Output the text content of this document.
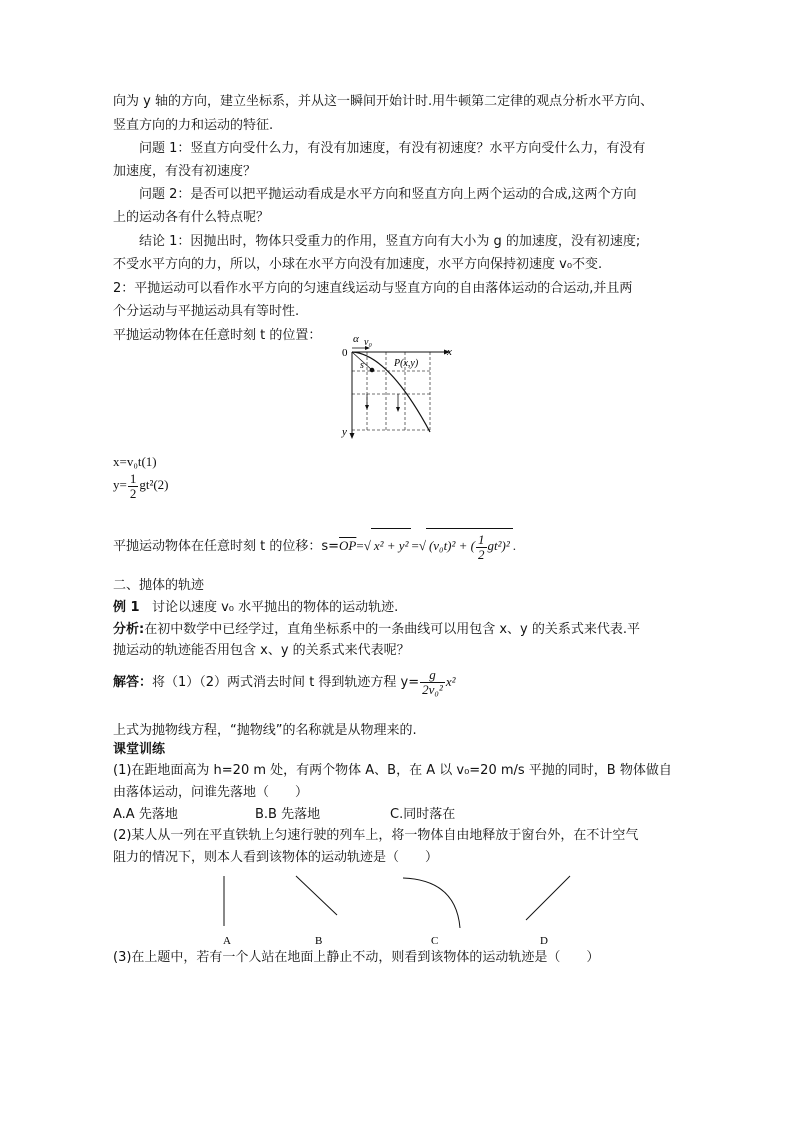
向为 y 轴的方向，建立坐标系，并从这一瞬间开始计时.用牛顿第二定律的观点分析水平方向、
竖直方向的力和运动的特征.
问题 1：竖直方向受什么力，有没有加速度，有没有初速度？水平方向受什么力，有没有
加速度，有没有初速度？
问题 2：是否可以把平抛运动看成是水平方向和竖直方向上两个运动的合成,这两个方向
上的运动各有什么特点呢？
结论 1：因抛出时，物体只受重力的作用，竖直方向有大小为 g 的加速度，没有初速度;
不受水平方向的力，所以，小球在水平方向没有加速度，水平方向保持初速度 v₀不变.
2：平抛运动可以看作水平方向的匀速直线运动与竖直方向的自由落体运动的合运动,并且两
个分运动与平抛运动具有等时性.
平抛运动物体在任意时刻 t 的位置：	α v₀
0	x
y
P(x,y)
s
x=v₀t(1)
$y= \frac{1}{2} gt^2(2)$
平抛运动物体在任意时刻 t 的位移：$s=\overline{OP}=√$ x² + y² =√ (v₀t)² + ( $\frac{1}{2} gt^2)^2$ .
二、抛体的轨迹
例 1 讨论以速度 v₀ 水平抛出的物体的运动轨迹.
分析:在初中数学中已经学过，直角坐标系中的一条曲线可以用包含 x、y 的关系式来代表.平
抛运动的轨迹能否用包含 x、y 的关系式来代表呢？
解答：将（1）（2）两式消去时间 t 得到轨迹方程 $y= \frac{g}{\text{2v₀²}} x^2$
上式为抛物线方程，“抛物线”的名称就是从物理来的.
课堂训练
(1)在距地面高为 h=20 m 处，有两个物体 A、B，在 A 以 v₀=20 m/s 平抛的同时，B 物体做自
由落体运动，问谁先落地（　　）
A.A 先落地	B.B 先落地	C.同时落在
(2)某人从一列在平直铁轨上匀速行驶的列车上，将一物体自由地释放于窗台外，在不计空气
阻力的情况下，则本人看到该物体的运动轨迹是（　　）
A	B	C	D
(3)在上题中，若有一个人站在地面上静止不动，则看到该物体的运动轨迹是（　　）
